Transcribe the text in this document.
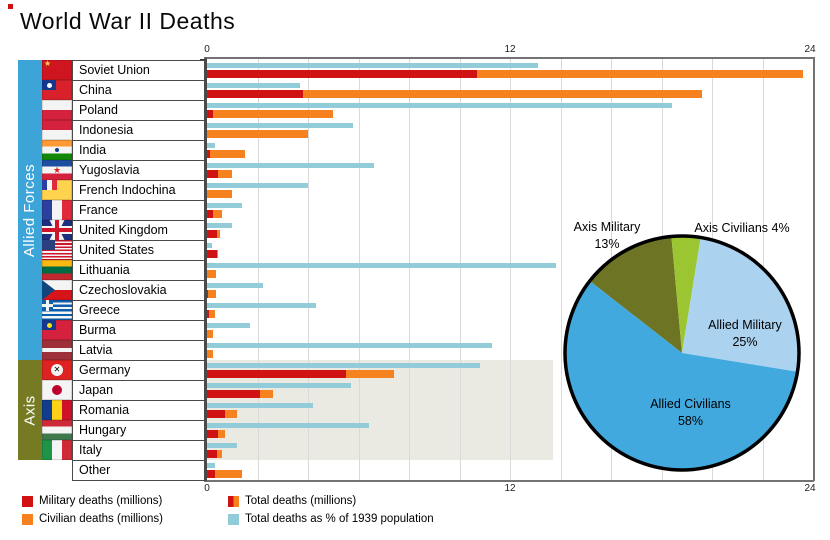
World War II Deaths
0	12	24
Allied Forces
Axis
★
Soviet Union
China
Poland
Indonesia
India
★
Yugoslavia
French Indochina
France
United Kingdom
United States
Lithuania
Czechoslovakia
Greece
Burma
Latvia
✕
Germany
Japan
Romania
Hungary
Italy
Other
Axis Military
13%
Axis Civilians 4%
Allied Military
25%
Allied Civilians
58%
0	12	24
Military deaths (millions)
Civilian deaths (millions)
Total deaths (millions)
Total deaths as % of 1939 population
